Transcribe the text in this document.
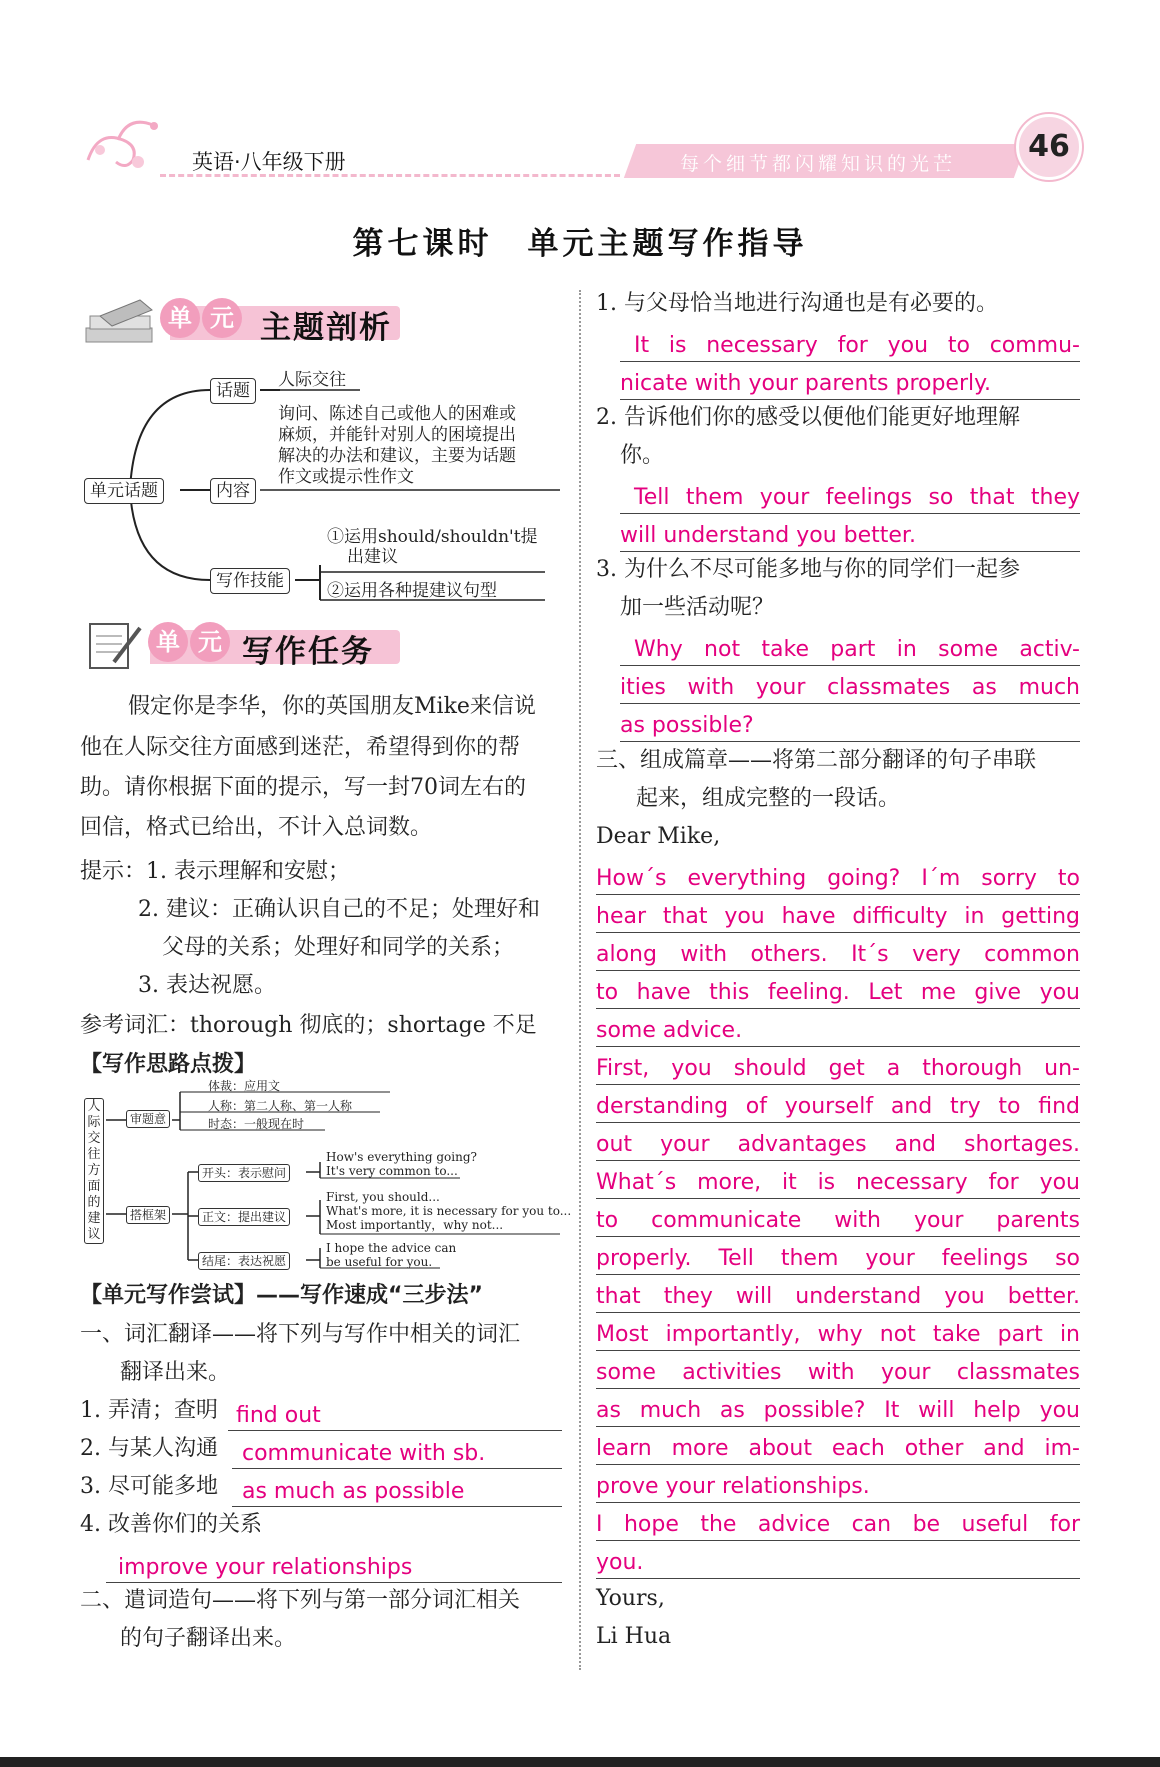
英语·八年级下册	每个细节都闪耀知识的光芒	46
第七课时　单元主题写作指导
单 元 主题剖析
单元话题
话题
人际交往
内容
询问、陈述自己或他人的困难或
麻烦，并能针对别人的困境提出
解决的办法和建议，主要为话题
作文或提示性作文
写作技能
①运用should/shouldn't提
出建议
②运用各种提建议句型
单 元 写作任务
假定你是李华，你的英国朋友Mike来信说
他在人际交往方面感到迷茫，希望得到你的帮
助。请你根据下面的提示，写一封70词左右的
回信，格式已给出，不计入总词数。
提示：1. 表示理解和安慰；
2. 建议：正确认识自己的不足；处理好和
父母的关系；处理好和同学的关系；
3. 表达祝愿。
参考词汇：thorough 彻底的；shortage 不足
【写作思路点拨】
人
际
交
往
方
面
的
建
议
审题意
体裁：应用文
人称：第二人称、第一人称
时态：一般现在时
搭框架
开头：表示慰问
How's everything going?
It's very common to...
正文：提出建议
First, you should...
What's more, it is necessary for you to...
Most importantly，why not...
结尾：表达祝愿
I hope the advice can
be useful for you.
【单元写作尝试】——写作速成“三步法”
一、词汇翻译——将下列与写作中相关的词汇
翻译出来。
1. 弄清；查明 find out
2. 与某人沟通 communicate with sb.
3. 尽可能多地 as much as possible
4. 改善你们的关系
improve your relationships
二、遣词造句——将下列与第一部分词汇相关
的句子翻译出来。
1. 与父母恰当地进行沟通也是有必要的。
It is necessary for you to commu-
nicate with your parents properly.
2. 告诉他们你的感受以便他们能更好地理解
你。
Tell them your feelings so that they
will understand you better.
3. 为什么不尽可能多地与你的同学们一起参
加一些活动呢？
Why not take part in some activ-
ities with your classmates as much
as possible?
三、组成篇章——将第二部分翻译的句子串联
起来，组成完整的一段话。
Dear Mike,
How´s everything going? I´m sorry to
hear that you have difficulty in getting
along with others. It´s very common
to have this feeling. Let me give you
some advice.
First, you should get a thorough un-
derstanding of yourself and try to find
out your advantages and shortages.
What´s more, it is necessary for you
to communicate with your parents
properly. Tell them your feelings so
that they will understand you better.
Most importantly, why not take part in
some activities with your classmates
as much as possible? It will help you
learn more about each other and im-
prove your relationships.
I hope the advice can be useful for
you.
Yours,
Li Hua
